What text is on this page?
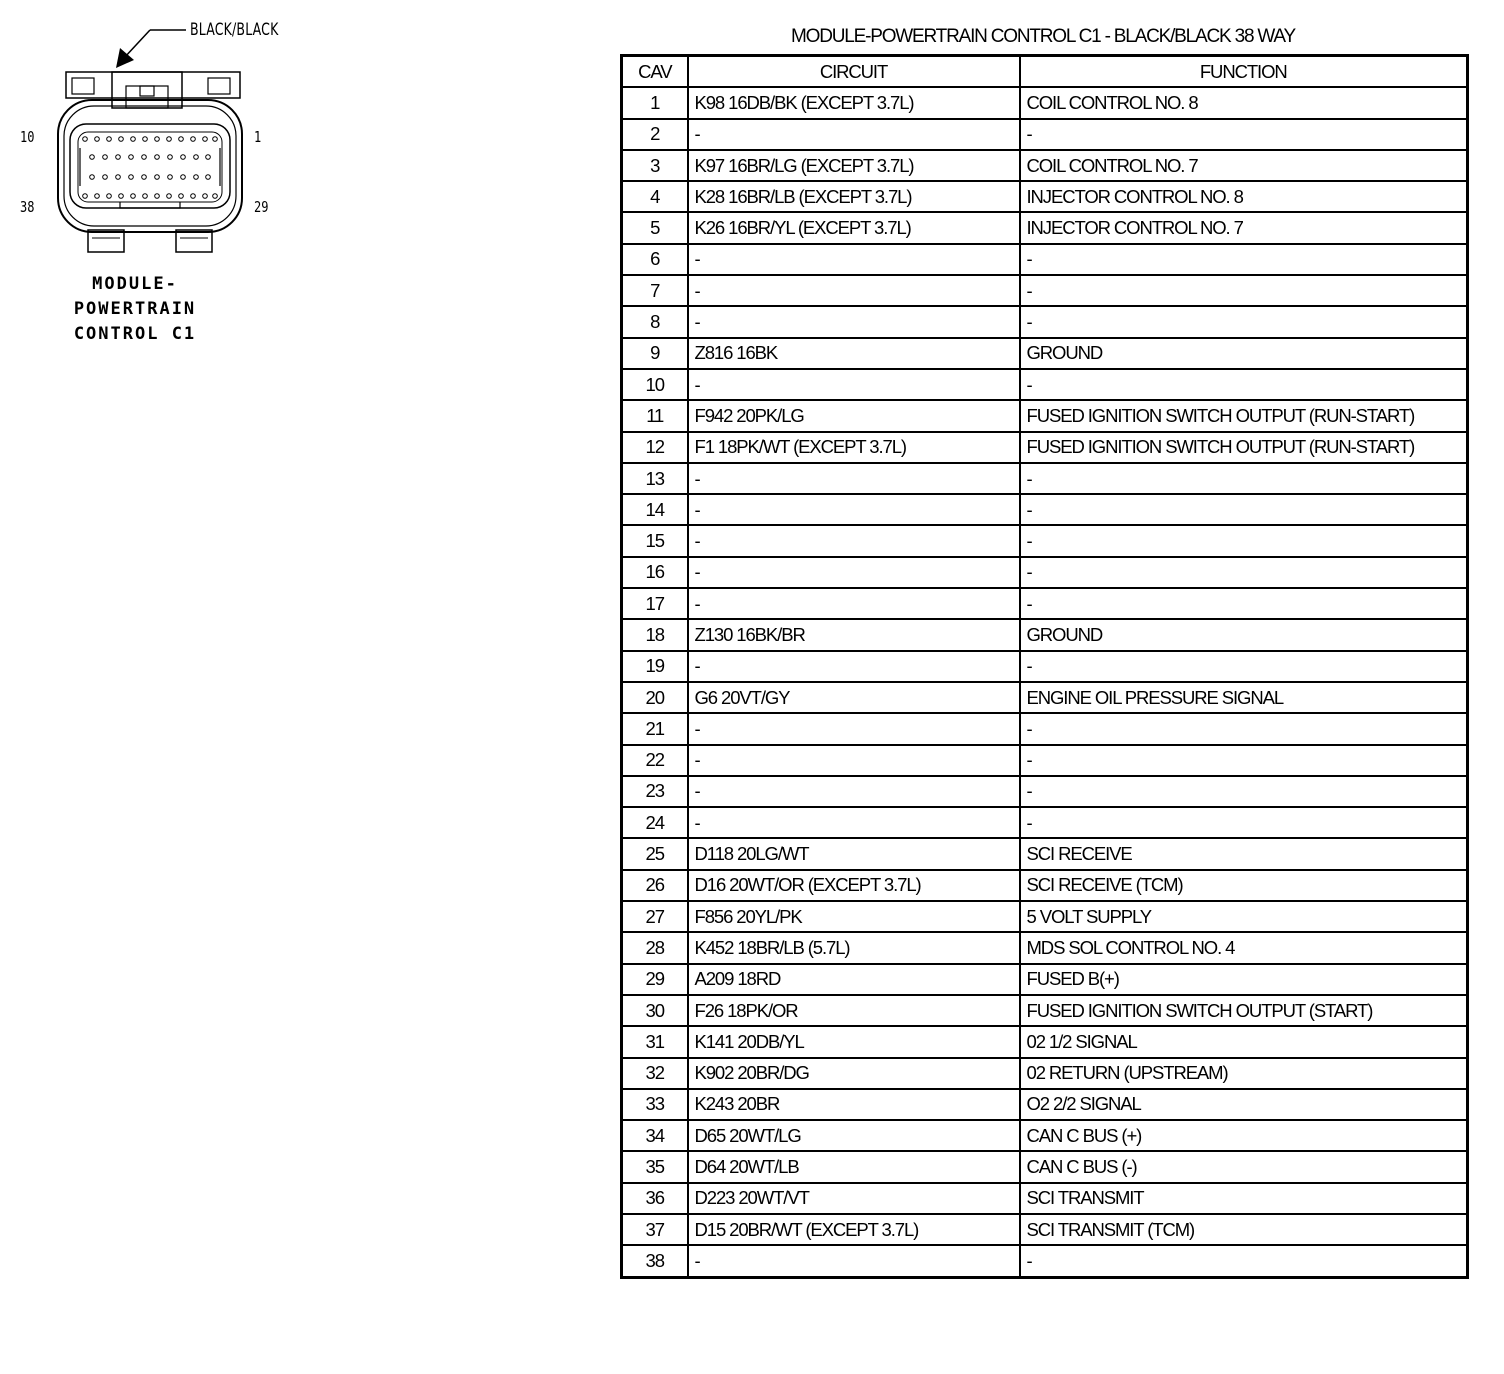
BLACK/BLACK
10	1
38	29
MODULE-
POWERTRAIN
CONTROL C1
MODULE-POWERTRAIN CONTROL C1 - BLACK/BLACK 38 WAY
CAV	CIRCUIT	FUNCTION
1	K98 16DB/BK (EXCEPT 3.7L)	COIL CONTROL NO. 8
2	-	-
3	K97 16BR/LG (EXCEPT 3.7L)	COIL CONTROL NO. 7
4	K28 16BR/LB (EXCEPT 3.7L)	INJECTOR CONTROL NO. 8
5	K26 16BR/YL (EXCEPT 3.7L)	INJECTOR CONTROL NO. 7
6	-	-
7	-	-
8	-	-
9	Z816 16BK	GROUND
10	-	-
11	F942 20PK/LG	FUSED IGNITION SWITCH OUTPUT (RUN-START)
12	F1 18PK/WT (EXCEPT 3.7L)	FUSED IGNITION SWITCH OUTPUT (RUN-START)
13	-	-
14	-	-
15	-	-
16	-	-
17	-	-
18	Z130 16BK/BR	GROUND
19	-	-
20	G6 20VT/GY	ENGINE OIL PRESSURE SIGNAL
21	-	-
22	-	-
23	-	-
24	-	-
25	D118 20LG/WT	SCI RECEIVE
26	D16 20WT/OR (EXCEPT 3.7L)	SCI RECEIVE (TCM)
27	F856 20YL/PK	5 VOLT SUPPLY
28	K452 18BR/LB (5.7L)	MDS SOL CONTROL NO. 4
29	A209 18RD	FUSED B(+)
30	F26 18PK/OR	FUSED IGNITION SWITCH OUTPUT (START)
31	K141 20DB/YL	02 1/2 SIGNAL
32	K902 20BR/DG	02 RETURN (UPSTREAM)
33	K243 20BR	O2 2/2 SIGNAL
34	D65 20WT/LG	CAN C BUS (+)
35	D64 20WT/LB	CAN C BUS (-)
36	D223 20WT/VT	SCI TRANSMIT
37	D15 20BR/WT (EXCEPT 3.7L)	SCI TRANSMIT (TCM)
38	-	-
